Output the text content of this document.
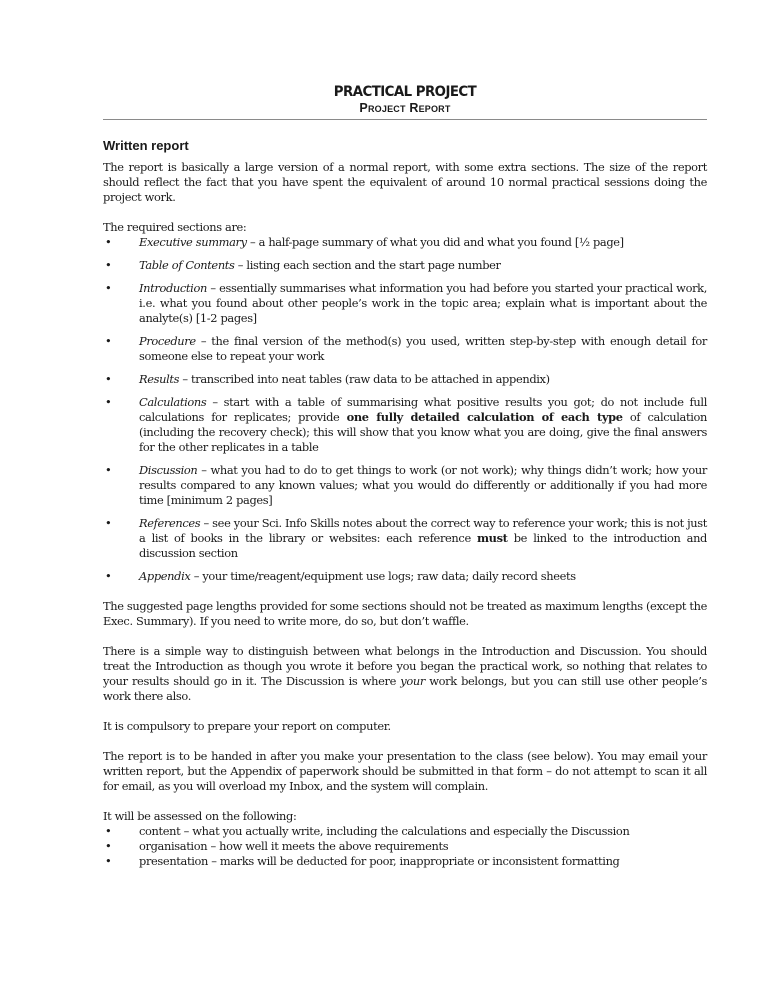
PRACTICAL PROJECT
Project Report
Written report

The report is basically a large version of a normal report, with some extra sections. The size of the report should reflect the fact that you have spent the equivalent of around 10 normal practical sessions doing the project work.

The required sections are:

• Executive summary – a half-page summary of what you did and what you found [½ page]
• Table of Contents – listing each section and the start page number
• Introduction – essentially summarises what information you had before you started your practical work, i.e. what you found about other people’s work in the topic area; explain what is important about the analyte(s) [1-2 pages]
• Procedure – the final version of the method(s) you used, written step-by-step with enough detail for someone else to repeat your work
• Results – transcribed into neat tables (raw data to be attached in appendix)
• Calculations – start with a table of summarising what positive results you got; do not include full calculations for replicates; provide one fully detailed calculation of each type of calculation (including the recovery check); this will show that you know what you are doing, give the final answers for the other replicates in a table
• Discussion – what you had to do to get things to work (or not work); why things didn’t work; how your results compared to any known values; what you would do differently or additionally if you had more time [minimum 2 pages]
• References – see your Sci. Info Skills notes about the correct way to reference your work; this is not just a list of books in the library or websites: each reference must be linked to the introduction and discussion section
• Appendix – your time/reagent/equipment use logs; raw data; daily record sheets

The suggested page lengths provided for some sections should not be treated as maximum lengths (except the Exec. Summary). If you need to write more, do so, but don’t waffle.

There is a simple way to distinguish between what belongs in the Introduction and Discussion. You should treat the Introduction as though you wrote it before you began the practical work, so nothing that relates to your results should go in it. The Discussion is where your work belongs, but you can still use other people’s work there also.

It is compulsory to prepare your report on computer.

The report is to be handed in after you make your presentation to the class (see below). You may email your written report, but the Appendix of paperwork should be submitted in that form – do not attempt to scan it all for email, as you will overload my Inbox, and the system will complain.

It will be assessed on the following:

• content – what you actually write, including the calculations and especially the Discussion
• organisation – how well it meets the above requirements
• presentation – marks will be deducted for poor, inappropriate or inconsistent formatting
